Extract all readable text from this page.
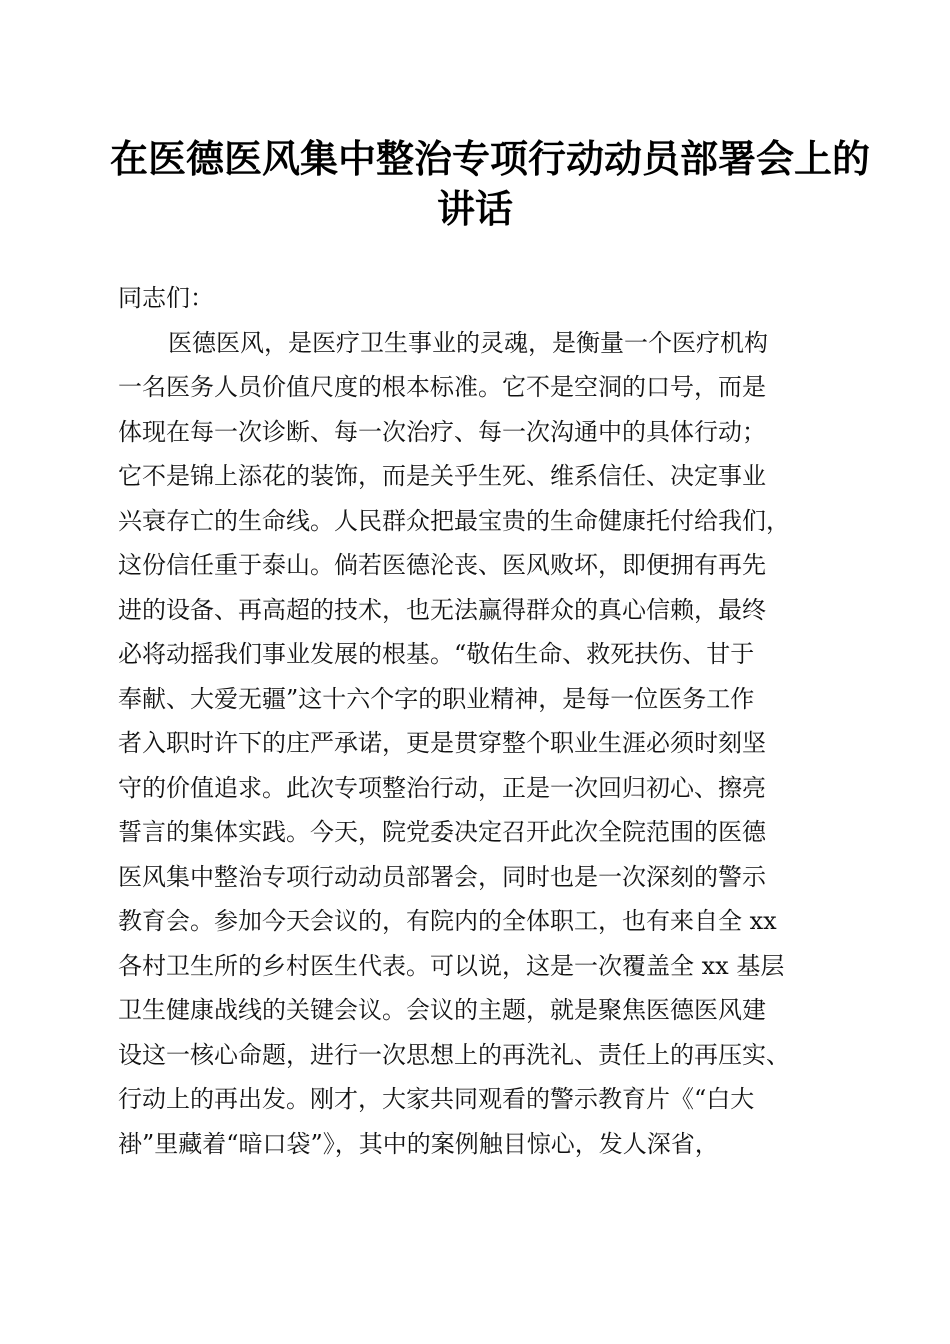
在医德医风集中整治专项行动动员部署会上的
讲话
同志们：
医德医风，是医疗卫生事业的灵魂，是衡量一个医疗机构
一名医务人员价值尺度的根本标准。它不是空洞的口号，而是
体现在每一次诊断、每一次治疗、每一次沟通中的具体行动；
它不是锦上添花的装饰，而是关乎生死、维系信任、决定事业
兴衰存亡的生命线。人民群众把最宝贵的生命健康托付给我们，
这份信任重于泰山。倘若医德沦丧、医风败坏，即便拥有再先
进的设备、再高超的技术，也无法赢得群众的真心信赖，最终
必将动摇我们事业发展的根基。“敬佑生命、救死扶伤、甘于
奉献、大爱无疆”这十六个字的职业精神，是每一位医务工作
者入职时许下的庄严承诺，更是贯穿整个职业生涯必须时刻坚
守的价值追求。此次专项整治行动，正是一次回归初心、擦亮
誓言的集体实践。今天，院党委决定召开此次全院范围的医德
医风集中整治专项行动动员部署会，同时也是一次深刻的警示
教育会。参加今天会议的，有院内的全体职工，也有来自全 xx
各村卫生所的乡村医生代表。可以说，这是一次覆盖全 xx 基层
卫生健康战线的关键会议。会议的主题，就是聚焦医德医风建
设这一核心命题，进行一次思想上的再洗礼、责任上的再压实、
行动上的再出发。刚才，大家共同观看的警示教育片《“白大
褂”里藏着“暗口袋”》，其中的案例触目惊心，发人深省，
